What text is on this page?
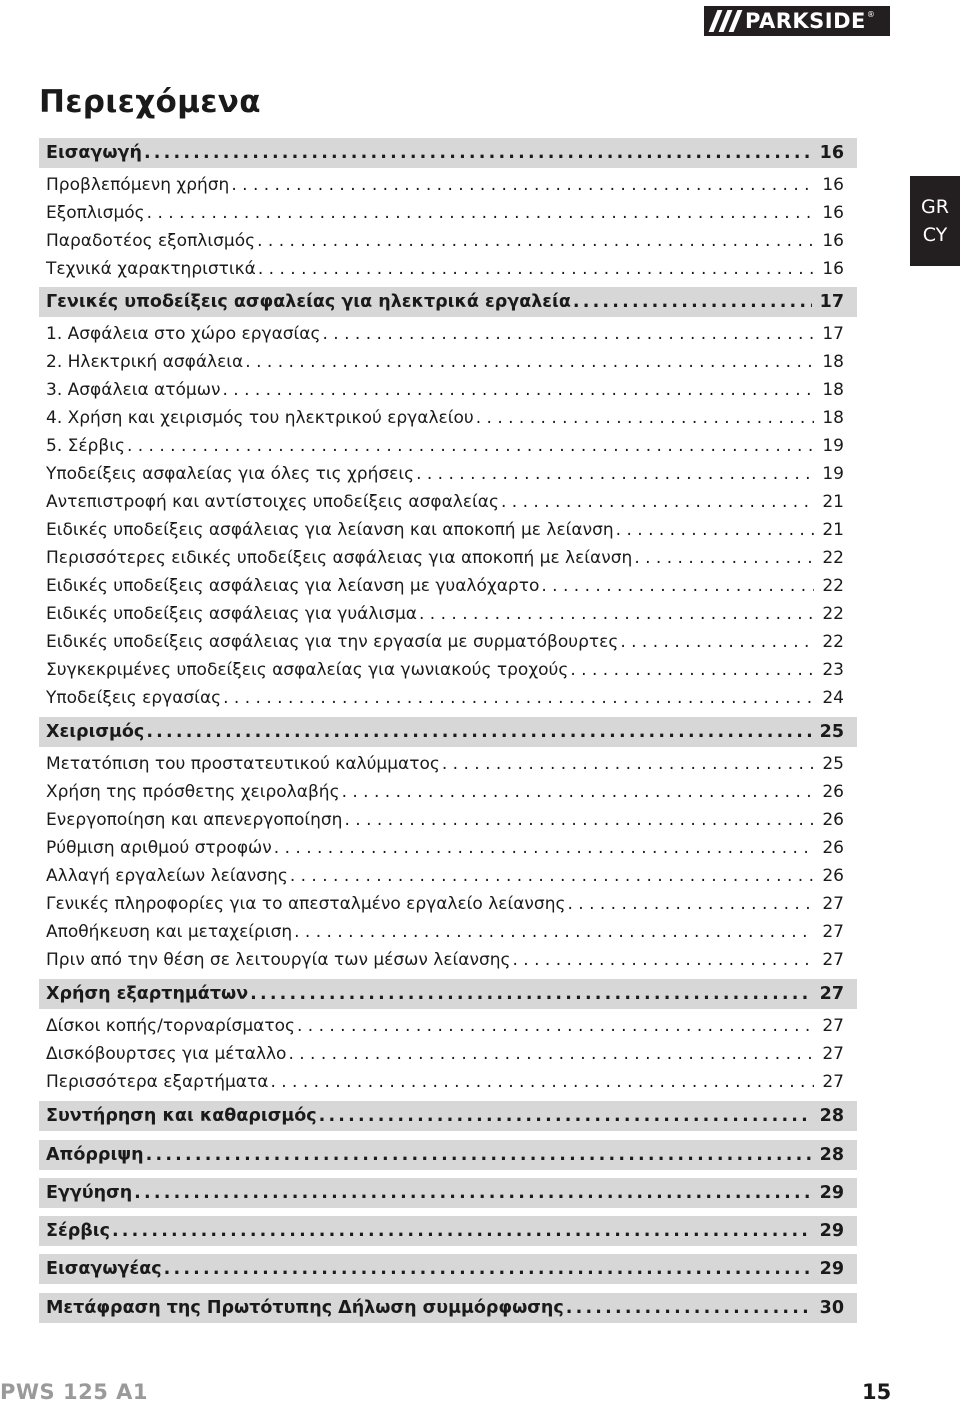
PARKSIDE ®
Περιεχόμενα
GR
CY
Εισαγωγή .....	16
Προβλεπόμενη χρήση . . .	16
Εξοπλισμός . . .	16
Παραδοτέος εξοπλισμός . . .	16
Τεχνικά χαρακτηριστικά . . .	16
Γενικές υποδείξεις ασφαλείας για ηλεκτρικά εργαλεία .....	17
1. Ασφάλεια στο χώρο εργασίας . . .	17
2. Ηλεκτρική ασφάλεια . . .	18
3. Ασφάλεια ατόμων . . .	18
4. Χρήση και χειρισμός του ηλεκτρικού εργαλείου . . .	18
5. Σέρβις . . .	19
Υποδείξεις ασφαλείας για όλες τις χρήσεις . . .	19
Αντεπιστροφή και αντίστοιχες υποδείξεις ασφαλείας . . .	21
Ειδικές υποδείξεις ασφάλειας για λείανση και αποκοπή με λείανση . . .	21
Περισσότερες ειδικές υποδείξεις ασφάλειας για αποκοπή με λείανση . . .	22
Ειδικές υποδείξεις ασφάλειας για λείανση με γυαλόχαρτο . . .	22
Ειδικές υποδείξεις ασφάλειας για γυάλισμα . . .	22
Ειδικές υποδείξεις ασφάλειας για την εργασία με συρματόβουρτες . . .	22
Συγκεκριμένες υποδείξεις ασφαλείας για γωνιακούς τροχούς . . .	23
Υποδείξεις εργασίας . . .	24
Χειρισμός .....	25
Μετατόπιση του προστατευτικού καλύμματος . . .	25
Χρήση της πρόσθετης χειρολαβής . . .	26
Ενεργοποίηση και απενεργοποίηση . . .	26
Ρύθμιση αριθμού στροφών . . .	26
Αλλαγή εργαλείων λείανσης . . .	26
Γενικές πληροφορίες για το απεσταλμένο εργαλείο λείανσης . . .	27
Αποθήκευση και μεταχείριση . . .	27
Πριν από την θέση σε λειτουργία των μέσων λείανσης . . .	27
Χρήση εξαρτημάτων .....	27
Δίσκοι κοπής/τορναρίσματος . . .	27
Δισκόβουρτσες για μέταλλο . . .	27
Περισσότερα εξαρτήματα . . .	27
Συντήρηση και καθαρισμός .....	28
Απόρριψη .....	28
Εγγύηση .....	29
Σέρβις .....	29
Εισαγωγέας .....	29
Μετάφραση της Πρωτότυπης Δήλωση συμμόρφωσης .....	30
PWS 125 A1	15
